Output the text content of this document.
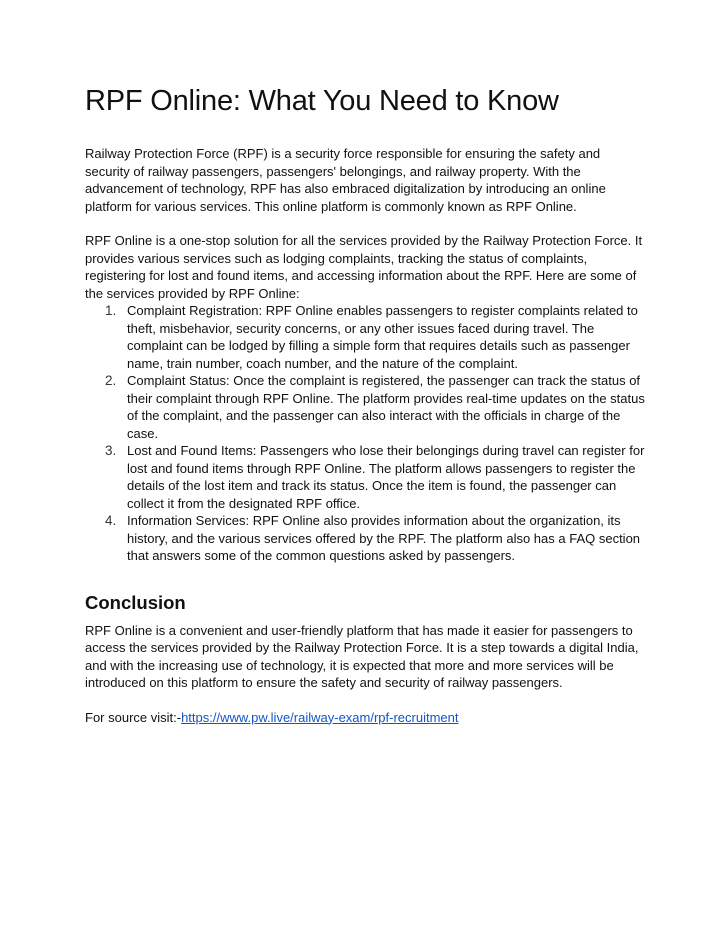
RPF Online: What You Need to Know

Railway Protection Force (RPF) is a security force responsible for ensuring the safety and security of railway passengers, passengers' belongings, and railway property. With the advancement of technology, RPF has also embraced digitalization by introducing an online platform for various services. This online platform is commonly known as RPF Online.

RPF Online is a one-stop solution for all the services provided by the Railway Protection Force. It provides various services such as lodging complaints, tracking the status of complaints, registering for lost and found items, and accessing information about the RPF. Here are some of the services provided by RPF Online:

1 .	Complaint Registration: RPF Online enables passengers to register complaints related to theft, misbehavior, security concerns, or any other issues faced during travel. The complaint can be lodged by filling a simple form that requires details such as passenger name, train number, coach number, and the nature of the complaint.
2 .	Complaint Status: Once the complaint is registered, the passenger can track the status of their complaint through RPF Online. The platform provides real-time updates on the status of the complaint, and the passenger can also interact with the officials in charge of the case.
3 .	Lost and Found Items: Passengers who lose their belongings during travel can register for lost and found items through RPF Online. The platform allows passengers to register the details of the lost item and track its status. Once the item is found, the passenger can collect it from the designated RPF office.
4 .	Information Services: RPF Online also provides information about the organization, its history, and the various services offered by the RPF. The platform also has a FAQ section that answers some of the common questions asked by passengers.
Conclusion

RPF Online is a convenient and user-friendly platform that has made it easier for passengers to access the services provided by the Railway Protection Force. It is a step towards a digital India, and with the increasing use of technology, it is expected that more and more services will be introduced on this platform to ensure the safety and security of railway passengers.

For source visit:-https://www.pw.live/railway-exam/rpf-recruitment
